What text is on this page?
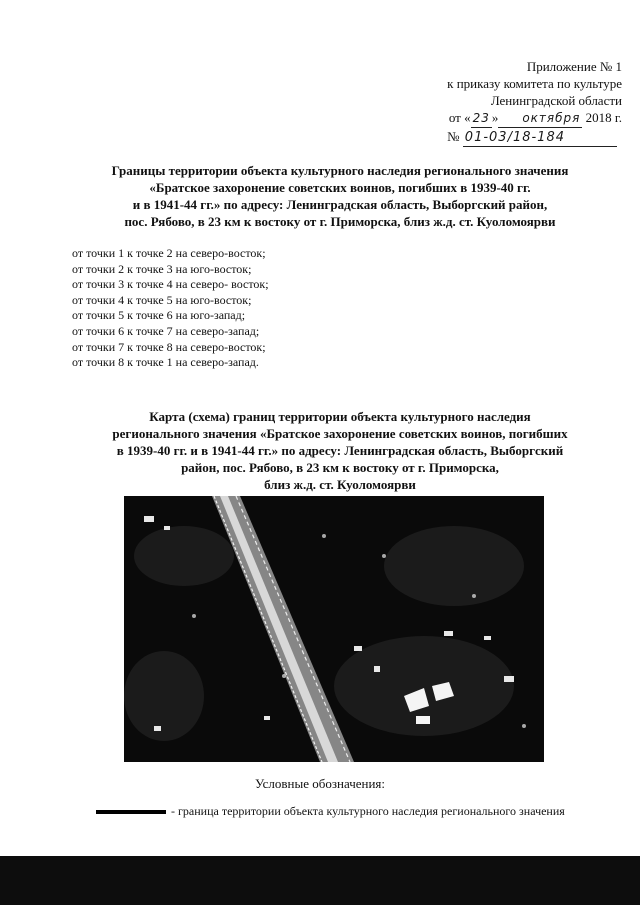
Приложение № 1
к приказу комитета по культуре
Ленинградской области
от « 23 » октября 2018 г.
№ 01-03/18-184
Границы территории объекта культурного наследия регионального значения
«Братское захоронение советских воинов, погибших в 1939-40 гг.
и в 1941-44 гг.» по адресу: Ленинградская область, Выборгский район,
пос. Рябово, в 23 км к востоку от г. Приморска, близ ж.д. ст. Куоломоярви
от точки 1 к точке 2 на северо-восток;
от точки 2 к точке 3 на юго-восток;
от точки 3 к точке 4 на северо- восток;
от точки 4 к точке 5 на юго-восток;
от точки 5 к точке 6 на юго-запад;
от точки 6 к точке 7 на северо-запад;
от точки 7 к точке 8 на северо-восток;
от точки 8 к точке 1 на северо-запад.
Карта (схема) границ территории объекта культурного наследия
регионального значения «Братское захоронение советских воинов, погибших
в 1939-40 гг. и в 1941-44 гг.» по адресу: Ленинградская область, Выборгский
район, пос. Рябово, в 23 км к востоку от г. Приморска,
близ ж.д. ст. Куоломоярви
Условные обозначения:
- граница территории объекта культурного наследия регионального значения
